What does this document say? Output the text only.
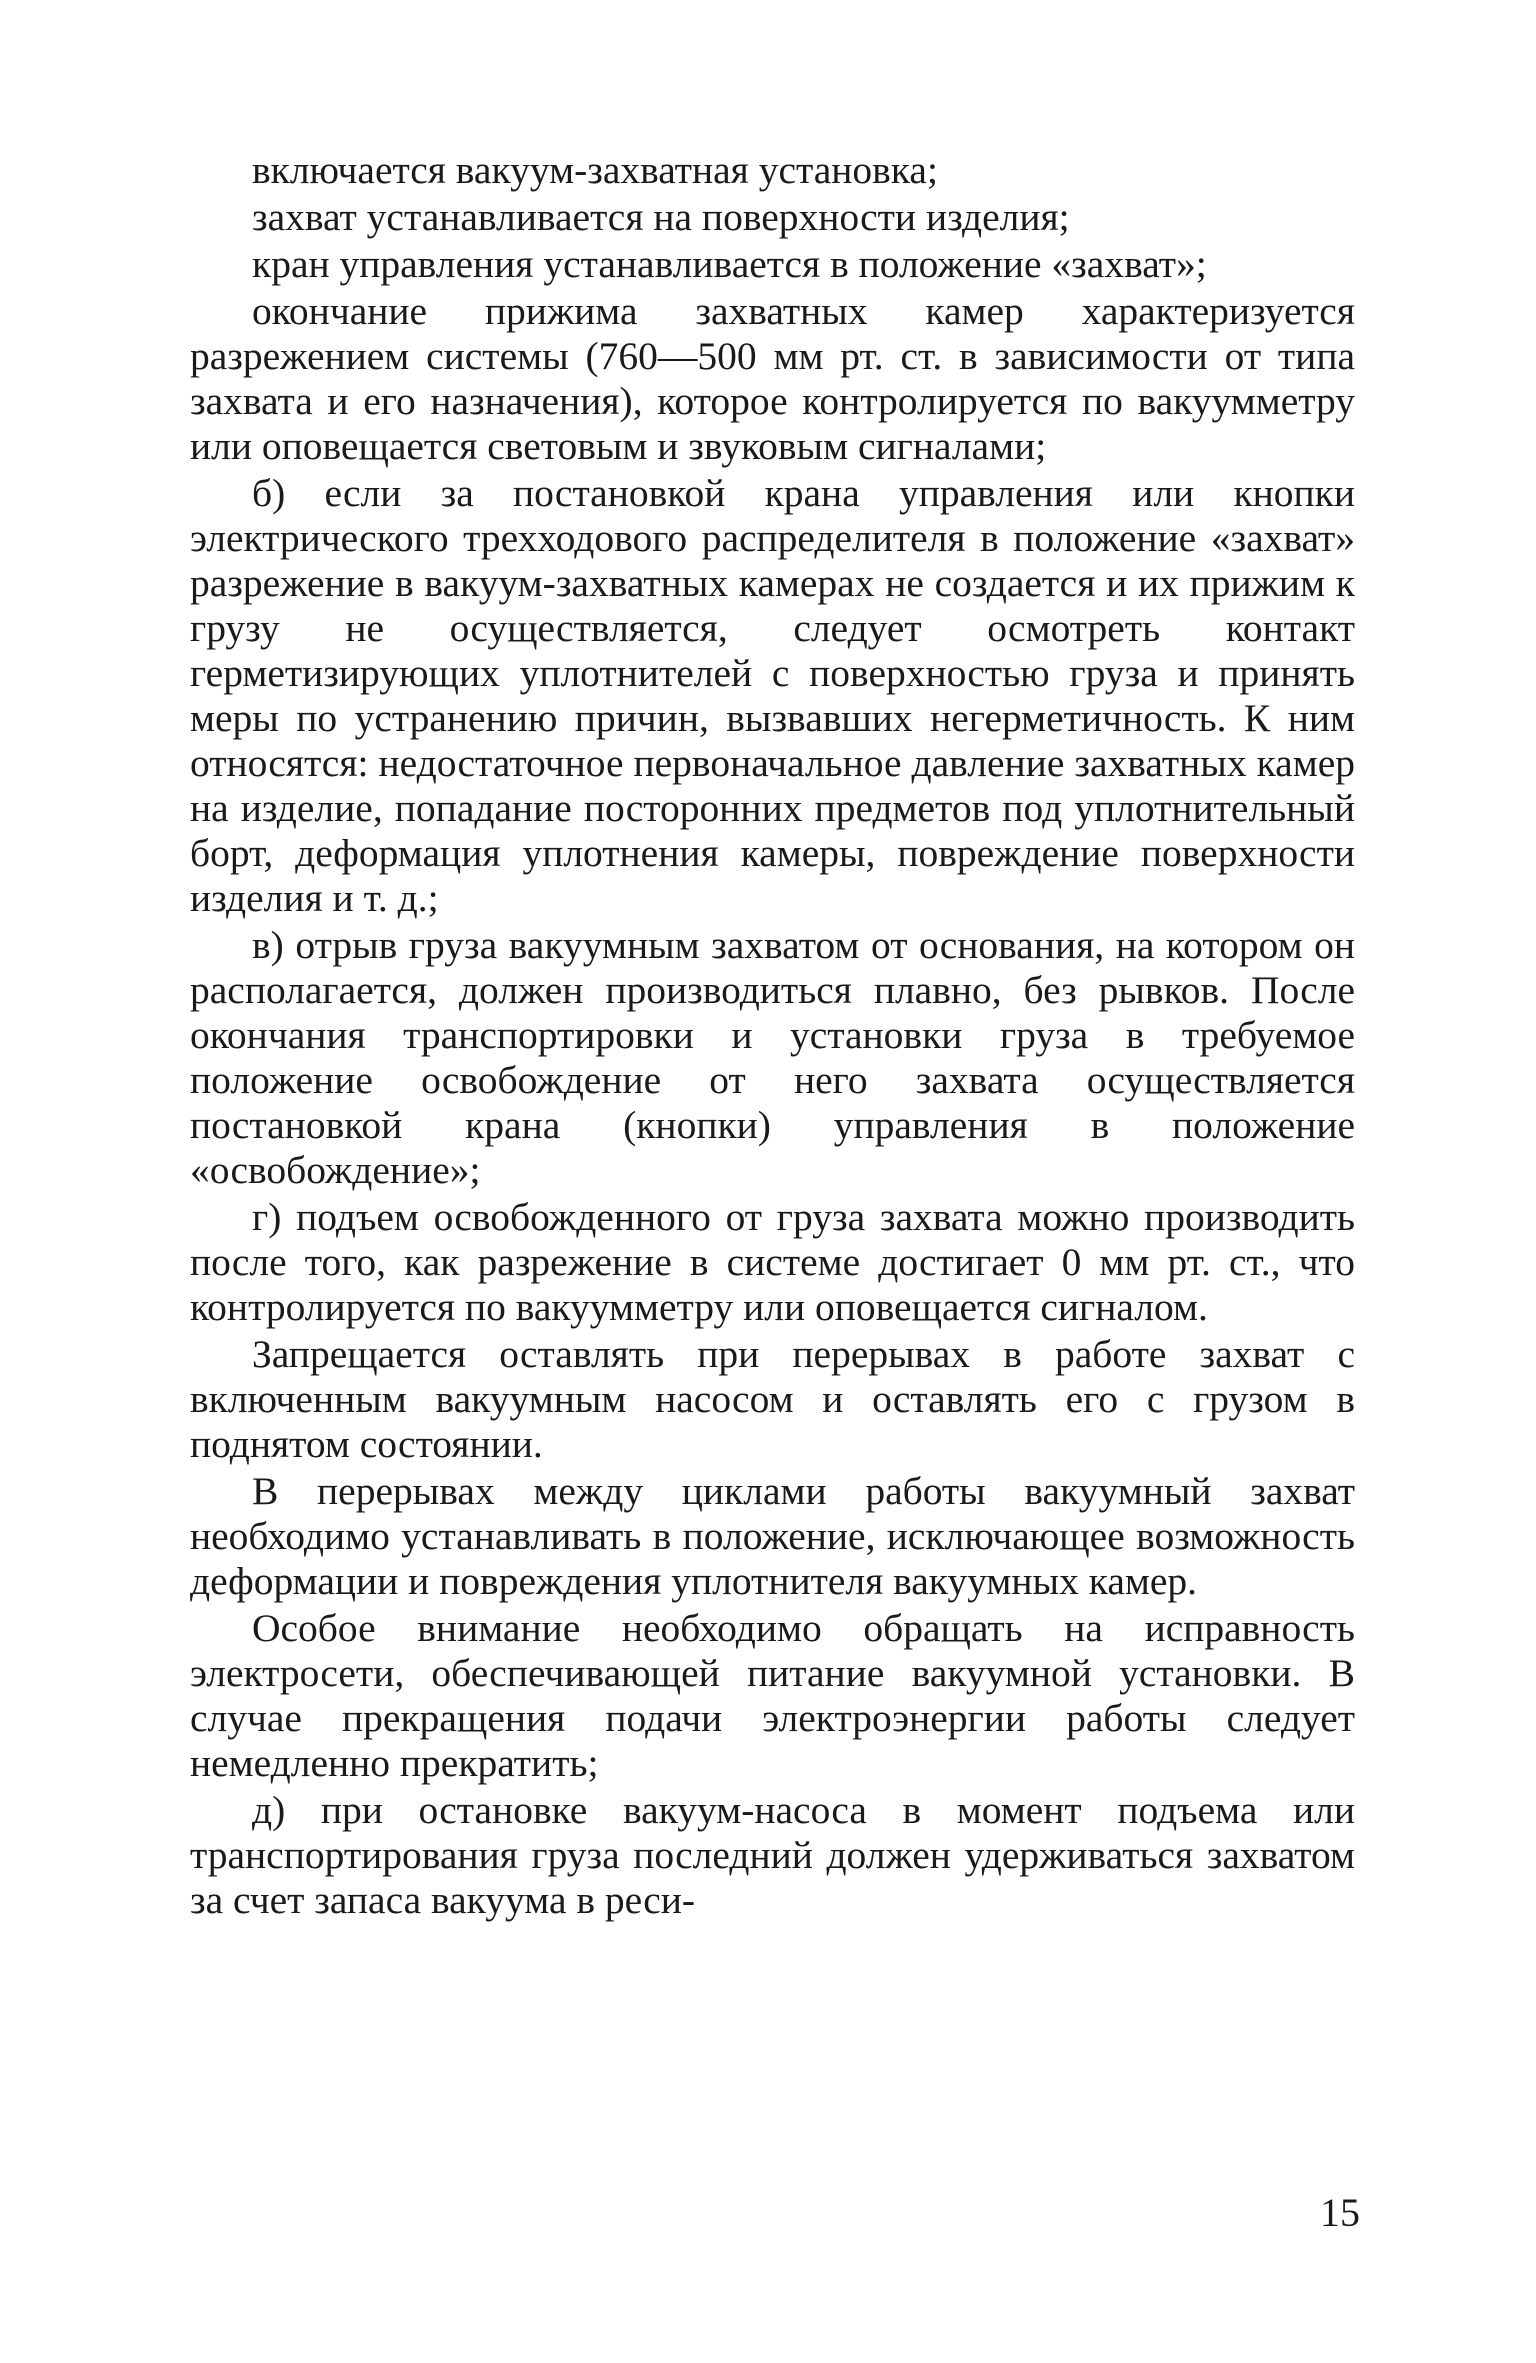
включается вакуум-захватная установка;

захват устанавливается на поверхности изделия;

кран управления устанавливается в положение «захват»;

окончание прижима захватных камер характеризуется разрежением системы (760—500 мм рт. ст. в зависимости от типа захвата и его назначения), которое контролируется по вакуумметру или оповещается световым и звуковым сигналами;

б) если за постановкой крана управления или кнопки электрического трехходового распределителя в положение «захват» разрежение в вакуум-захватных камерах не создается и их прижим к грузу не осуществляется, следует осмотреть контакт герметизирующих уплотнителей с поверхностью груза и принять меры по устранению причин, вызвавших негерметичность. К ним относятся: недостаточное первоначальное давление захватных камер на изделие, попадание посторонних предметов под уплотнительный борт, деформация уплотнения камеры, повреждение поверхности изделия и т. д.;

в) отрыв груза вакуумным захватом от основания, на котором он располагается, должен производиться плавно, без рывков. После окончания транспортировки и установки груза в требуемое положение освобождение от него захвата осуществляется постановкой крана (кнопки) управления в положение «освобождение»;

г) подъем освобожденного от груза захвата можно производить после того, как разрежение в системе достигает 0 мм рт. ст., что контролируется по вакуумметру или оповещается сигналом.

Запрещается оставлять при перерывах в работе захват с включенным вакуумным насосом и оставлять его с грузом в поднятом состоянии.

В перерывах между циклами работы вакуумный захват необходимо устанавливать в положение, исключающее возможность деформации и повреждения уплотнителя вакуумных камер.

Особое внимание необходимо обращать на исправность электросети, обеспечивающей питание вакуумной установки. В случае прекращения подачи электроэнергии работы следует немедленно прекратить;

д) при остановке вакуум-насоса в момент подъема или транспортирования груза последний должен удерживаться захватом за счет запаса вакуума в реси-

15
